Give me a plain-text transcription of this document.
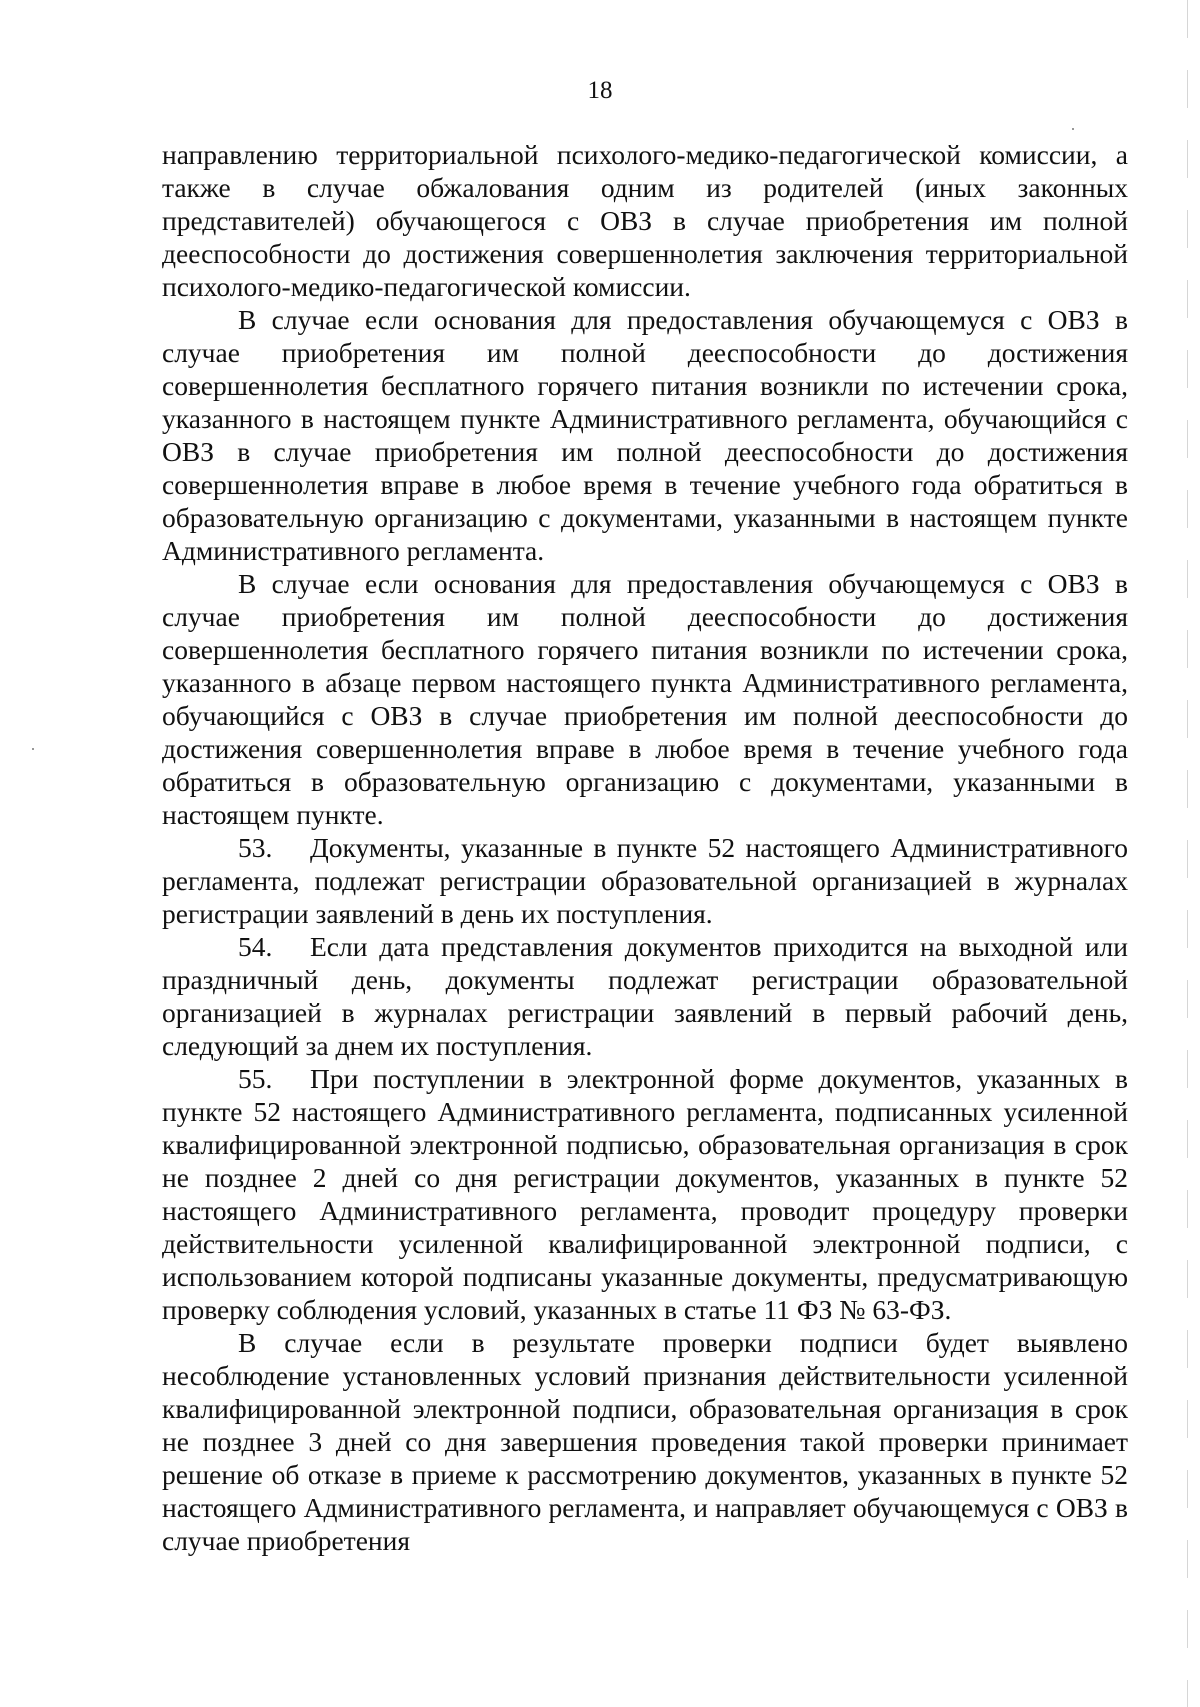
18

направлению территориальной психолого-медико-педагогической комиссии, а также в случае обжалования одним из родителей (иных законных представителей) обучающегося с ОВЗ в случае приобретения им полной дееспособности до достижения совершеннолетия заключения территориальной психолого-медико-педагогической комиссии.

В случае если основания для предоставления обучающемуся с ОВЗ в случае приобретения им полной дееспособности до достижения совершеннолетия бесплатного горячего питания возникли по истечении срока, указанного в настоящем пункте Административного регламента, обучающийся с ОВЗ в случае приобретения им полной дееспособности до достижения совершеннолетия вправе в любое время в течение учебного года обратиться в образовательную организацию с документами, указанными в настоящем пункте Административного регламента.

В случае если основания для предоставления обучающемуся с ОВЗ в случае приобретения им полной дееспособности до достижения совершеннолетия бесплатного горячего питания возникли по истечении срока, указанного в абзаце первом настоящего пункта Административного регламента, обучающийся с ОВЗ в случае приобретения им полной дееспособности до достижения совершеннолетия вправе в любое время в течение учебного года обратиться в образовательную организацию с документами, указанными в настоящем пункте.

53. Документы, указанные в пункте 52 настоящего Административного регламента, подлежат регистрации образовательной организацией в журналах регистрации заявлений в день их поступления.

54. Если дата представления документов приходится на выходной или праздничный день, документы подлежат регистрации образовательной организацией в журналах регистрации заявлений в первый рабочий день, следующий за днем их поступления.

55. При поступлении в электронной форме документов, указанных в пункте 52 настоящего Административного регламента, подписанных усиленной квалифицированной электронной подписью, образовательная организация в срок не позднее 2 дней со дня регистрации документов, указанных в пункте 52 настоящего Административного регламента, проводит процедуру проверки действительности усиленной квалифицированной электронной подписи, с использованием которой подписаны указанные документы, предусматривающую проверку соблюдения условий, указанных в статье 11 ФЗ № 63-ФЗ.

В случае если в результате проверки подписи будет выявлено несоблюдение установленных условий признания действительности усиленной квалифицированной электронной подписи, образовательная организация в срок не позднее 3 дней со дня завершения проведения такой проверки принимает решение об отказе в приеме к рассмотрению документов, указанных в пункте 52 настоящего Административного регламента, и направляет обучающемуся с ОВЗ в случае приобретения
